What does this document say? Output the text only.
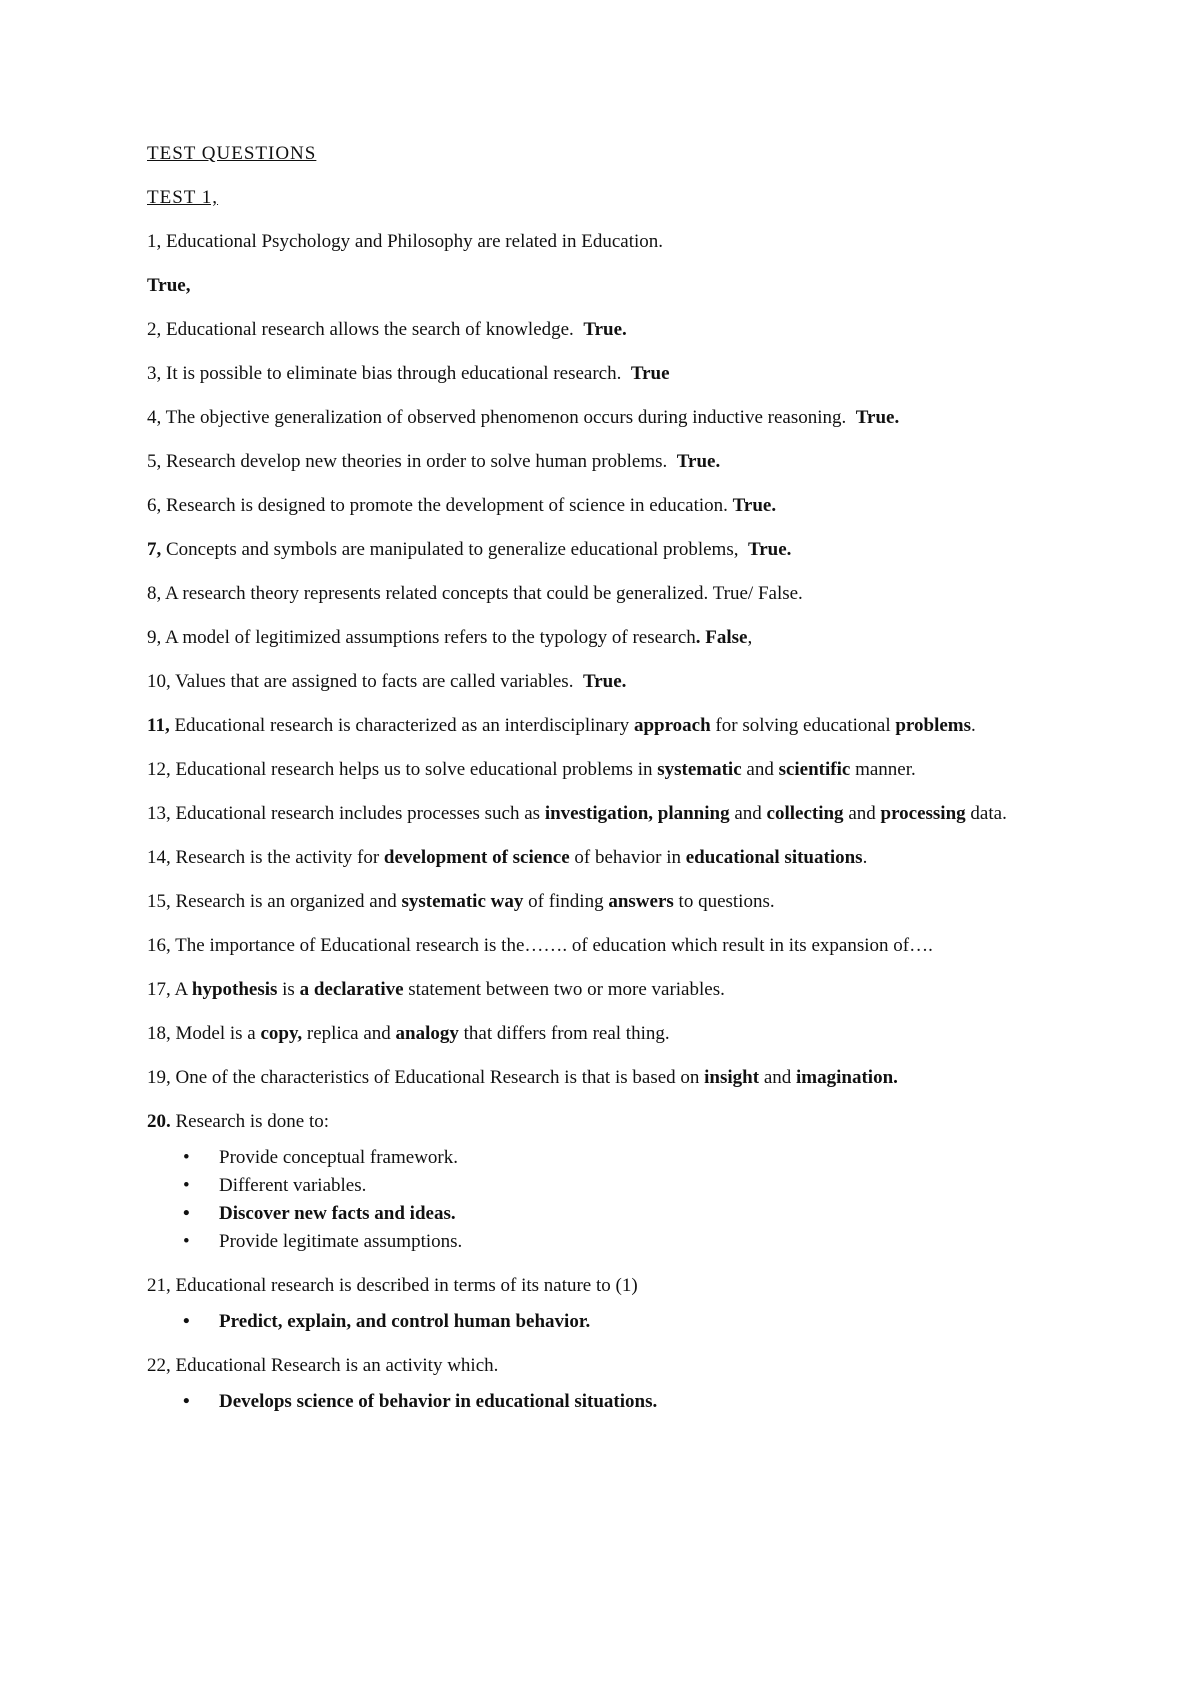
TEST QUESTIONS
TEST 1,
1, Educational Psychology and Philosophy are related in Education.
True,
2, Educational research allows the search of knowledge. True.
3, It is possible to eliminate bias through educational research. True
4, The objective generalization of observed phenomenon occurs during inductive reasoning. True.
5, Research develop new theories in order to solve human problems. True.
6, Research is designed to promote the development of science in education. True.
7, Concepts and symbols are manipulated to generalize educational problems, True.
8, A research theory represents related concepts that could be generalized. True/ False.
9, A model of legitimized assumptions refers to the typology of research. False,
10, Values that are assigned to facts are called variables. True.
11, Educational research is characterized as an interdisciplinary approach for solving educational problems.
12, Educational research helps us to solve educational problems in systematic and scientific manner.
13, Educational research includes processes such as investigation, planning and collecting and processing data.
14, Research is the activity for development of science of behavior in educational situations.
15, Research is an organized and systematic way of finding answers to questions.
16, The importance of Educational research is the……. of education which result in its expansion of….
17, A hypothesis is a declarative statement between two or more variables.
18, Model is a copy, replica and analogy that differs from real thing.
19, One of the characteristics of Educational Research is that is based on insight and imagination.
20. Research is done to:
• Provide conceptual framework.
• Different variables.
• Discover new facts and ideas.
• Provide legitimate assumptions.
21, Educational research is described in terms of its nature to (1)
• Predict, explain, and control human behavior.
22, Educational Research is an activity which.
• Develops science of behavior in educational situations.
